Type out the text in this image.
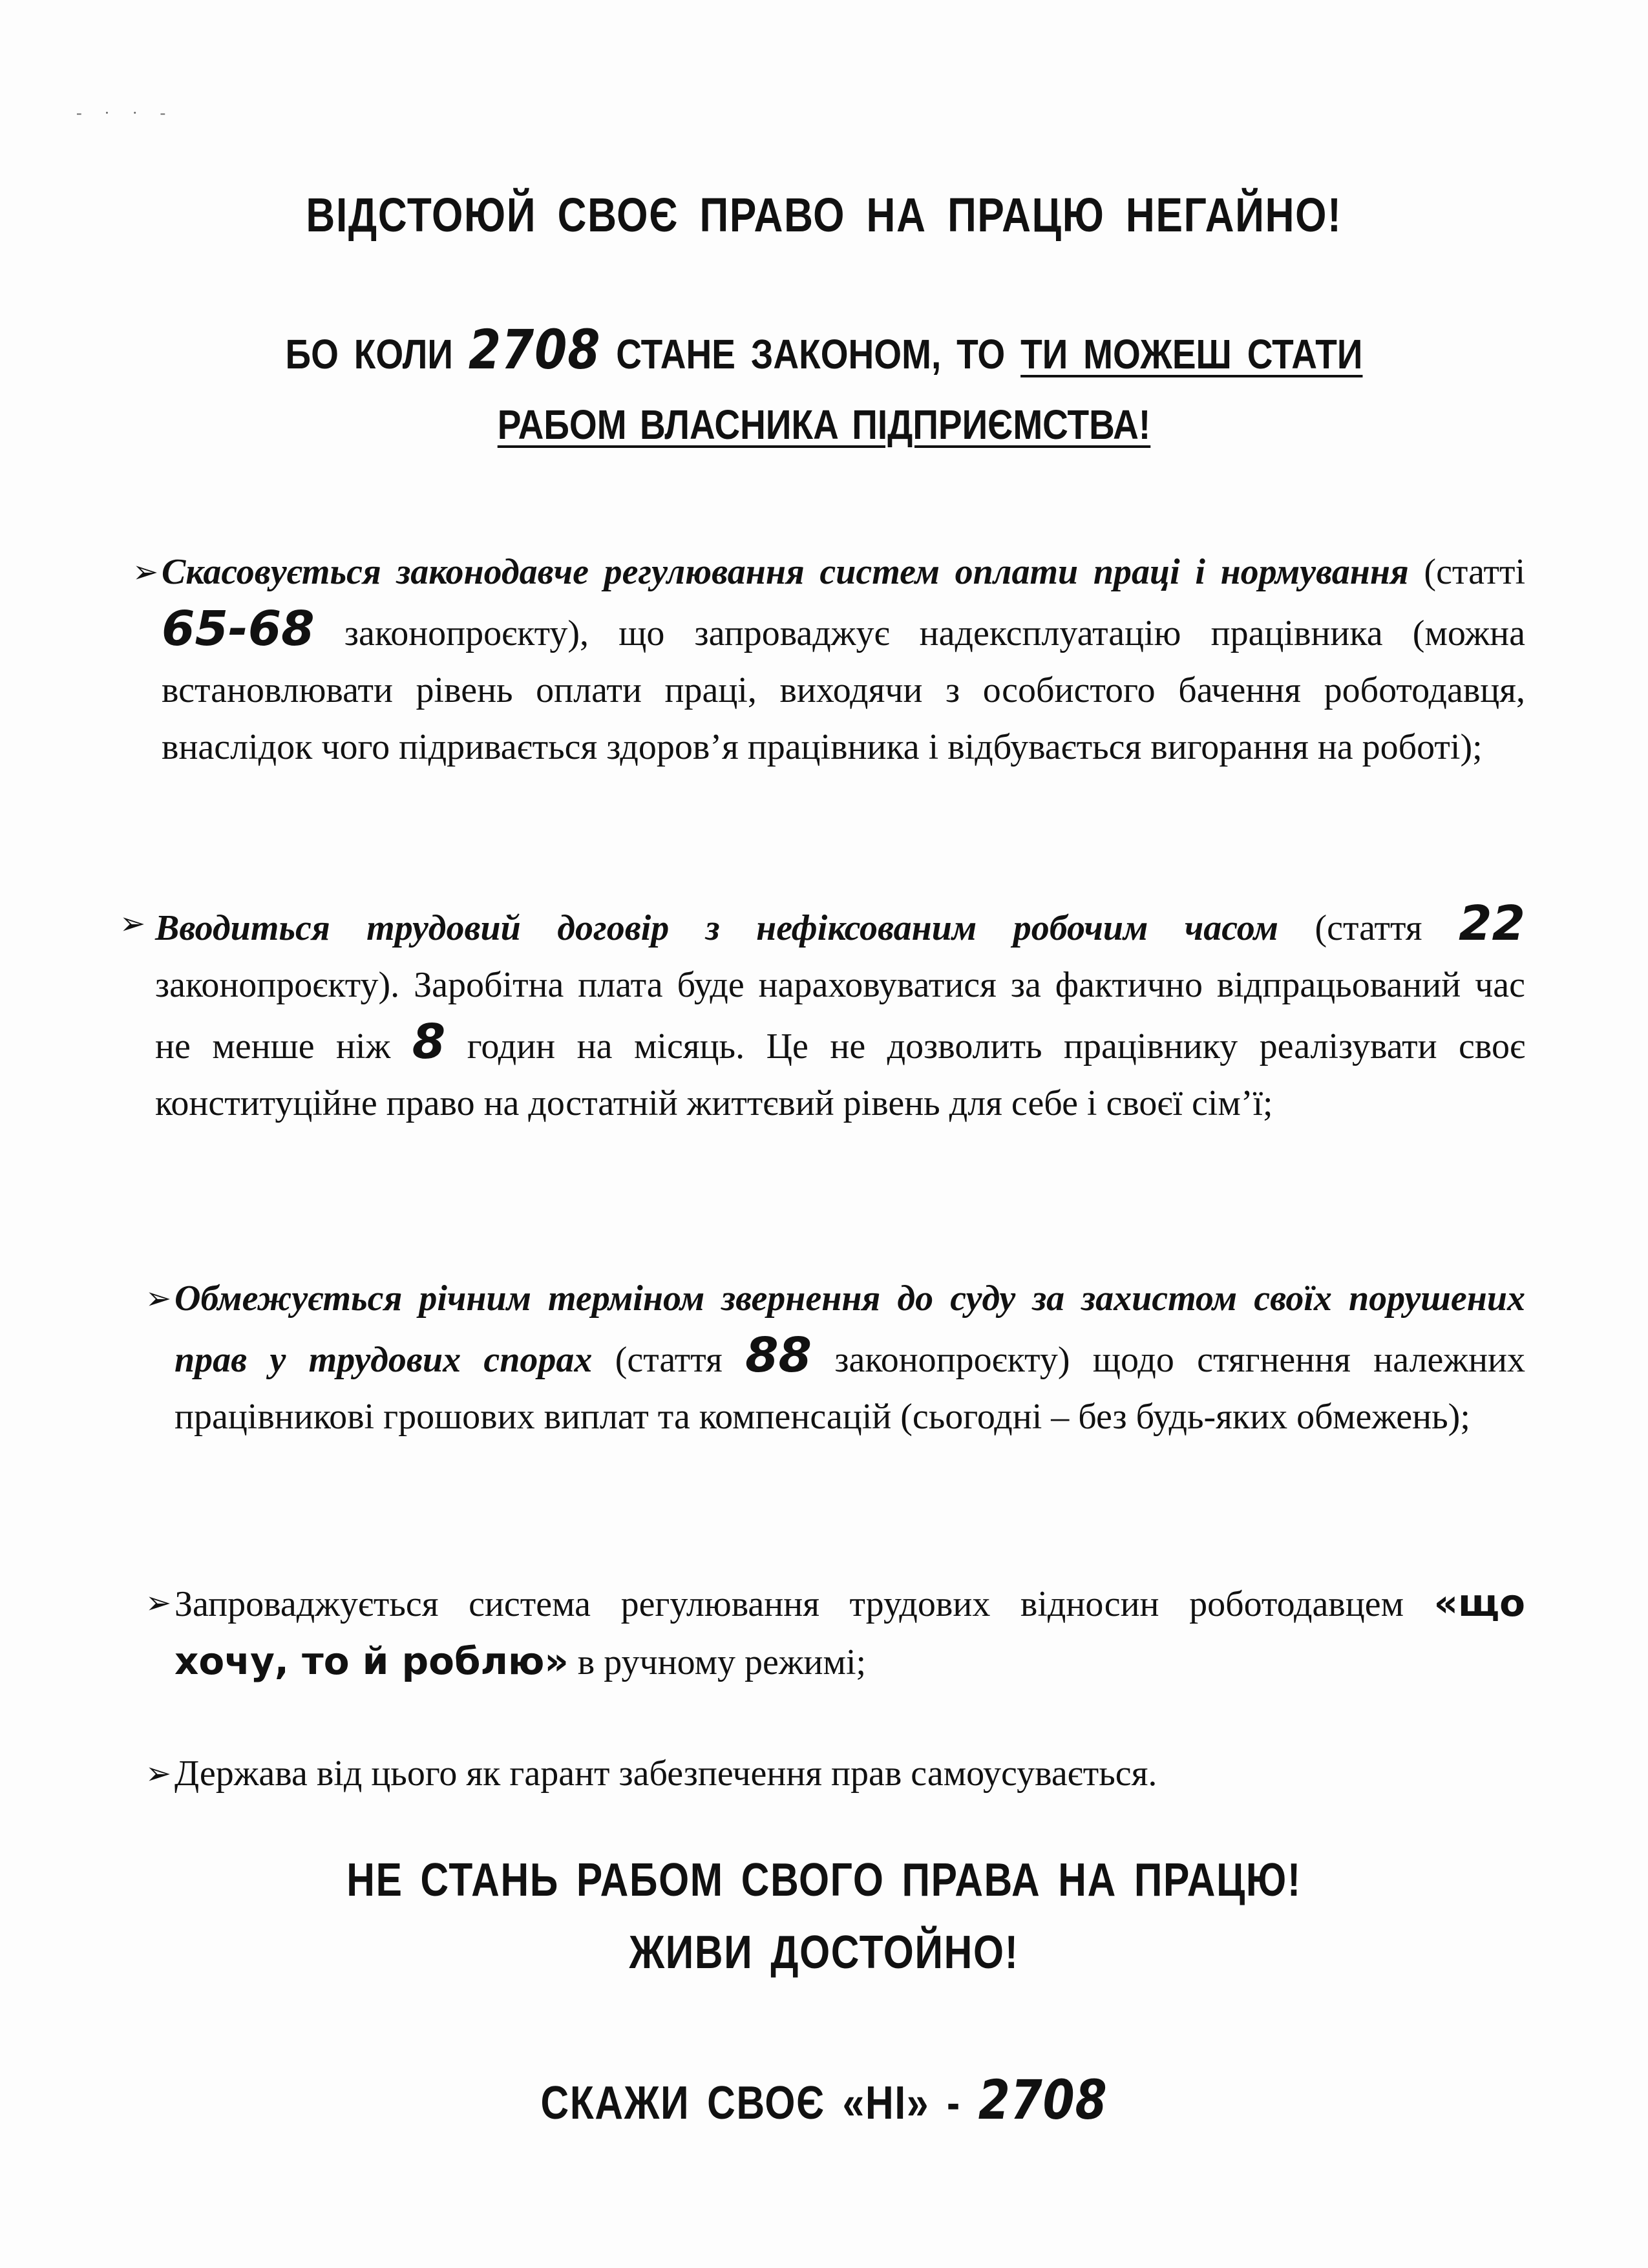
- · · -
ВІДСТОЮЙ СВОЄ ПРАВО НА ПРАЦЮ НЕГАЙНО!
БО КОЛИ 2708 СТАНЕ ЗАКОНОМ, ТО ТИ МОЖЕШ СТАТИ
РАБОМ ВЛАСНИКА ПІДПРИЄМСТВА!
➢ Скасовується законодавче регулювання систем оплати праці і нормування (статті 65-68 законопроєкту), що запроваджує надексплуатацію працівника (можна встановлювати рівень оплати праці, виходячи з особистого бачення роботодавця, внаслідок чого підривається здоров’я працівника і відбувається вигорання на роботі);
➢ Вводиться трудовий договір з нефіксованим робочим часом (стаття 22 законопроєкту). Заробітна плата буде нараховуватися за фактично відпрацьований час не менше ніж 8 годин на місяць. Це не дозволить працівнику реалізувати своє конституційне право на достатній життєвий рівень для себе і своєї сім’ї;
➢ Обмежується річним терміном звернення до суду за захистом своїх порушених прав у трудових спорах (стаття 88 законопроєкту) щодо стягнення належних працівникові грошових виплат та компенсацій (сьогодні – без будь-яких обмежень);
➢ Запроваджується система регулювання трудових відносин роботодавцем «що хочу, то й роблю» в ручному режимі;
➢ Держава від цього як гарант забезпечення прав самоусувається.
НЕ СТАНЬ РАБОМ СВОГО ПРАВА НА ПРАЦЮ!
ЖИВИ ДОСТОЙНО!
СКАЖИ СВОЄ «НІ» - 2708
